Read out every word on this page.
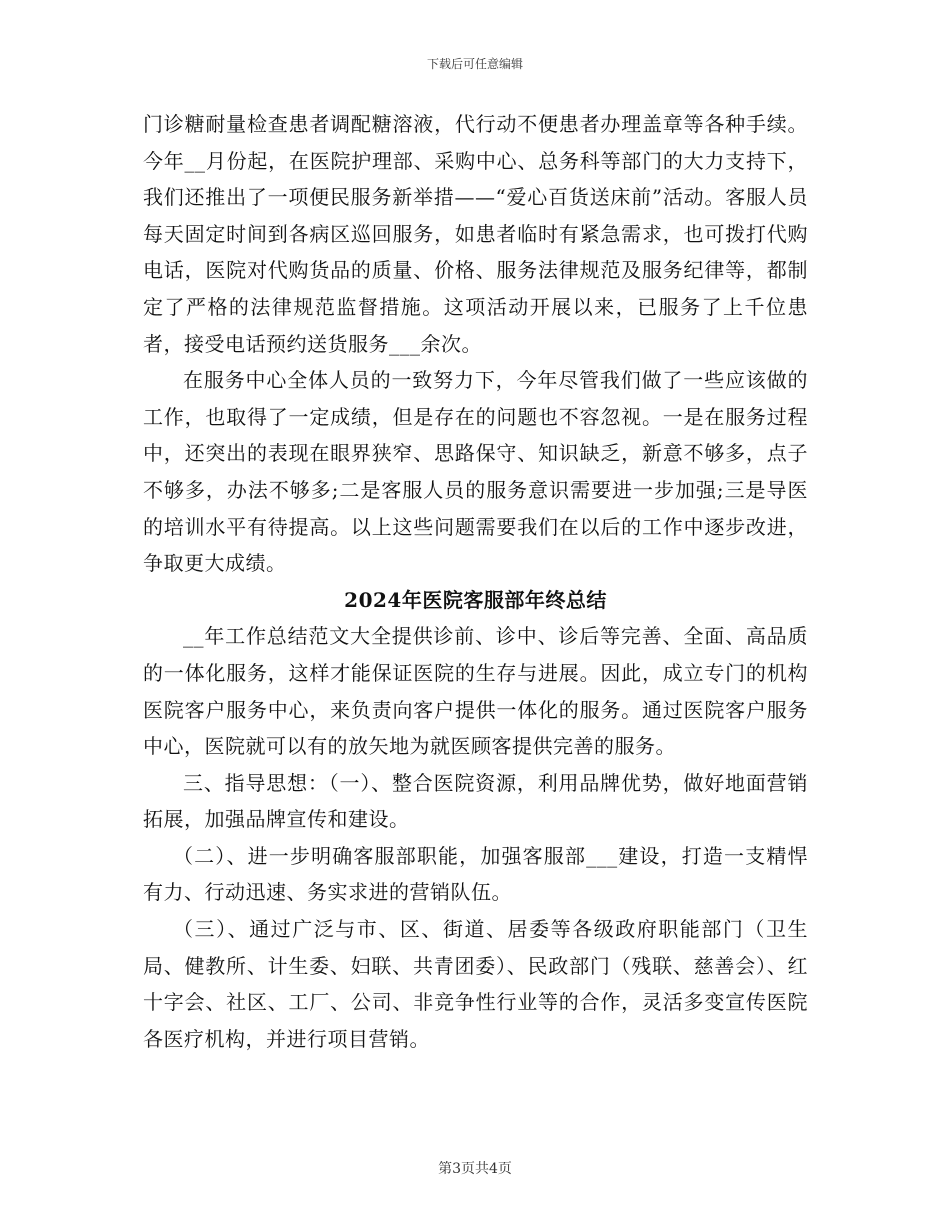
下载后可任意编辑

门诊糖耐量检查患者调配糖溶液，代行动不便患者办理盖章等各种手续。今年__月份起，在医院护理部、采购中心、总务科等部门的大力支持下，我们还推出了一项便民服务新举措——“爱心百货送床前”活动。客服人员每天固定时间到各病区巡回服务，如患者临时有紧急需求，也可拨打代购电话，医院对代购货品的质量、价格、服务法律规范及服务纪律等，都制定了严格的法律规范监督措施。这项活动开展以来，已服务了上千位患者，接受电话预约送货服务___余次。

在服务中心全体人员的一致努力下，今年尽管我们做了一些应该做的工作，也取得了一定成绩，但是存在的问题也不容忽视。一是在服务过程中，还突出的表现在眼界狭窄、思路保守、知识缺乏，新意不够多，点子不够多，办法不够多;二是客服人员的服务意识需要进一步加强;三是导医的培训水平有待提高。以上这些问题需要我们在以后的工作中逐步改进，争取更大成绩。

2024年医院客服部年终总结

__年工作总结范文大全提供诊前、诊中、诊后等完善、全面、高品质的一体化服务，这样才能保证医院的生存与进展。因此，成立专门的机构医院客户服务中心，来负责向客户提供一体化的服务。通过医院客户服务中心，医院就可以有的放矢地为就医顾客提供完善的服务。

三、指导思想：（一）、整合医院资源，利用品牌优势，做好地面营销拓展，加强品牌宣传和建设。

（二）、进一步明确客服部职能，加强客服部___建设，打造一支精悍有力、行动迅速、务实求进的营销队伍。

（三）、通过广泛与市、区、街道、居委等各级政府职能部门（卫生局、健教所、计生委、妇联、共青团委）、民政部门（残联、慈善会）、红十字会、社区、工厂、公司、非竞争性行业等的合作，灵活多变宣传医院各医疗机构，并进行项目营销。

第3页共4页
